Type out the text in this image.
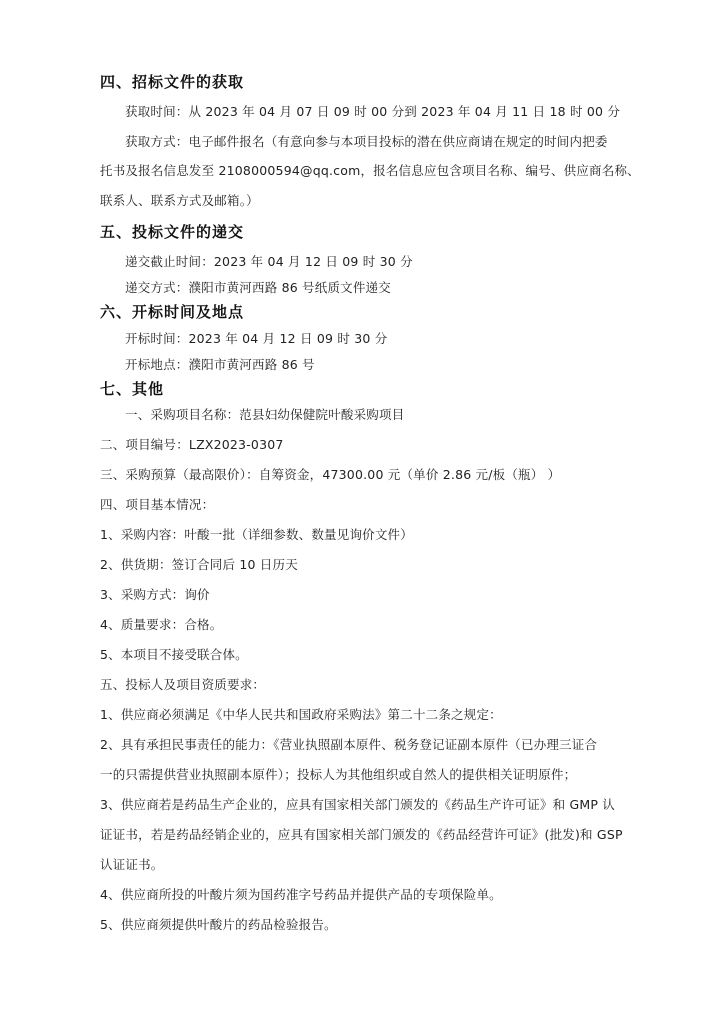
四、招标文件的获取
获取时间：从 2023 年 04 月 07 日 09 时 00 分到 2023 年 04 月 11 日 18 时 00 分
获取方式：电子邮件报名（有意向参与本项目投标的潜在供应商请在规定的时间内把委
托书及报名信息发至 2108000594@qq.com，报名信息应包含项目名称、编号、供应商名称、
联系人、联系方式及邮箱。）
五、投标文件的递交
递交截止时间：2023 年 04 月 12 日 09 时 30 分
递交方式：濮阳市黄河西路 86 号纸质文件递交
六、开标时间及地点
开标时间：2023 年 04 月 12 日 09 时 30 分
开标地点：濮阳市黄河西路 86 号
七、其他
一、采购项目名称：范县妇幼保健院叶酸采购项目
二、项目编号：LZX2023-0307
三、采购预算（最高限价）：自筹资金，47300.00 元（单价 2.86 元/板（瓶） ）
四、项目基本情况：
1、采购内容：叶酸一批（详细参数、数量见询价文件）
2、供货期：签订合同后 10 日历天
3、采购方式：询价
4、质量要求：合格。
5、本项目不接受联合体。
五、投标人及项目资质要求：
1、供应商必须满足《中华人民共和国政府采购法》第二十二条之规定：
2、具有承担民事责任的能力：《营业执照副本原件、税务登记证副本原件（已办理三证合
一的只需提供营业执照副本原件）；投标人为其他组织或自然人的提供相关证明原件；
3、供应商若是药品生产企业的，应具有国家相关部门颁发的《药品生产许可证》和 GMP 认
证证书，若是药品经销企业的，应具有国家相关部门颁发的《药品经营许可证》(批发)和 GSP
认证证书。
4、供应商所投的叶酸片须为国药准字号药品并提供产品的专项保险单。
5、供应商须提供叶酸片的药品检验报告。
